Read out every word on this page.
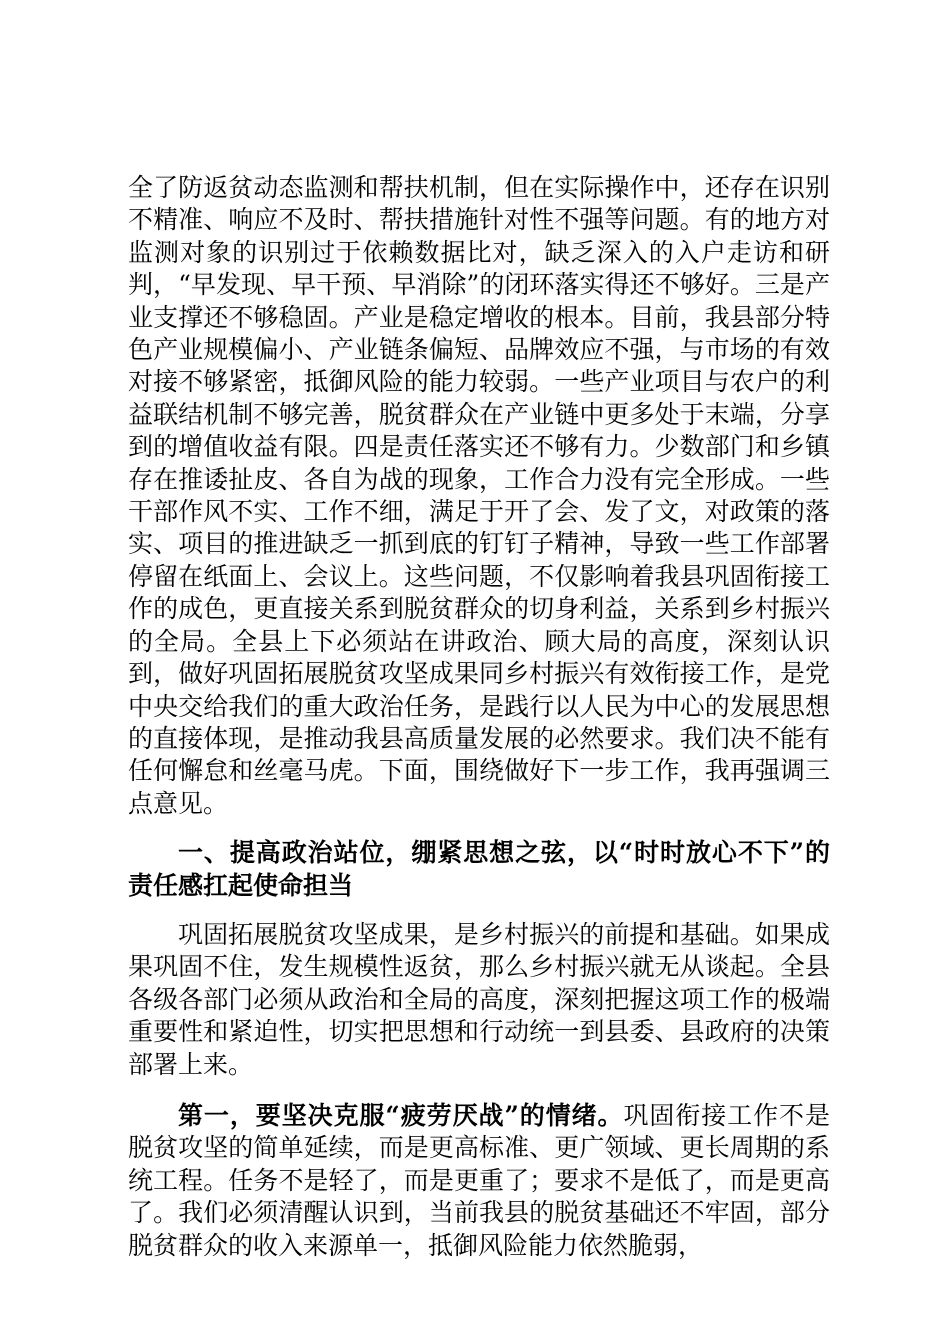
全了防返贫动态监测和帮扶机制，但在实际操作中，还存在识别不精准、响应不及时、帮扶措施针对性不强等问题。有的地方对监测对象的识别过于依赖数据比对，缺乏深入的入户走访和研判，“早发现、早干预、早消除”的闭环落实得还不够好。三是产业支撑还不够稳固。产业是稳定增收的根本。目前，我县部分特色产业规模偏小、产业链条偏短、品牌效应不强，与市场的有效对接不够紧密，抵御风险的能力较弱。一些产业项目与农户的利益联结机制不够完善，脱贫群众在产业链中更多处于末端，分享到的增值收益有限。四是责任落实还不够有力。少数部门和乡镇存在推诿扯皮、各自为战的现象，工作合力没有完全形成。一些干部作风不实、工作不细，满足于开了会、发了文，对政策的落实、项目的推进缺乏一抓到底的钉钉子精神，导致一些工作部署停留在纸面上、会议上。这些问题，不仅影响着我县巩固衔接工作的成色，更直接关系到脱贫群众的切身利益，关系到乡村振兴的全局。全县上下必须站在讲政治、顾大局的高度，深刻认识到，做好巩固拓展脱贫攻坚成果同乡村振兴有效衔接工作，是党中央交给我们的重大政治任务，是践行以人民为中心的发展思想的直接体现，是推动我县高质量发展的必然要求。我们决不能有任何懈怠和丝毫马虎。下面，围绕做好下一步工作，我再强调三点意见。

一、提高政治站位，绷紧思想之弦，以“时时放心不下”的责任感扛起使命担当

巩固拓展脱贫攻坚成果，是乡村振兴的前提和基础。如果成果巩固不住，发生规模性返贫，那么乡村振兴就无从谈起。全县各级各部门必须从政治和全局的高度，深刻把握这项工作的极端重要性和紧迫性，切实把思想和行动统一到县委、县政府的决策部署上来。

第一，要坚决克服“疲劳厌战”的情绪。巩固衔接工作不是脱贫攻坚的简单延续，而是更高标准、更广领域、更长周期的系统工程。任务不是轻了，而是更重了；要求不是低了，而是更高了。我们必须清醒认识到，当前我县的脱贫基础还不牢固，部分脱贫群众的收入来源单一，抵御风险能力依然脆弱，
